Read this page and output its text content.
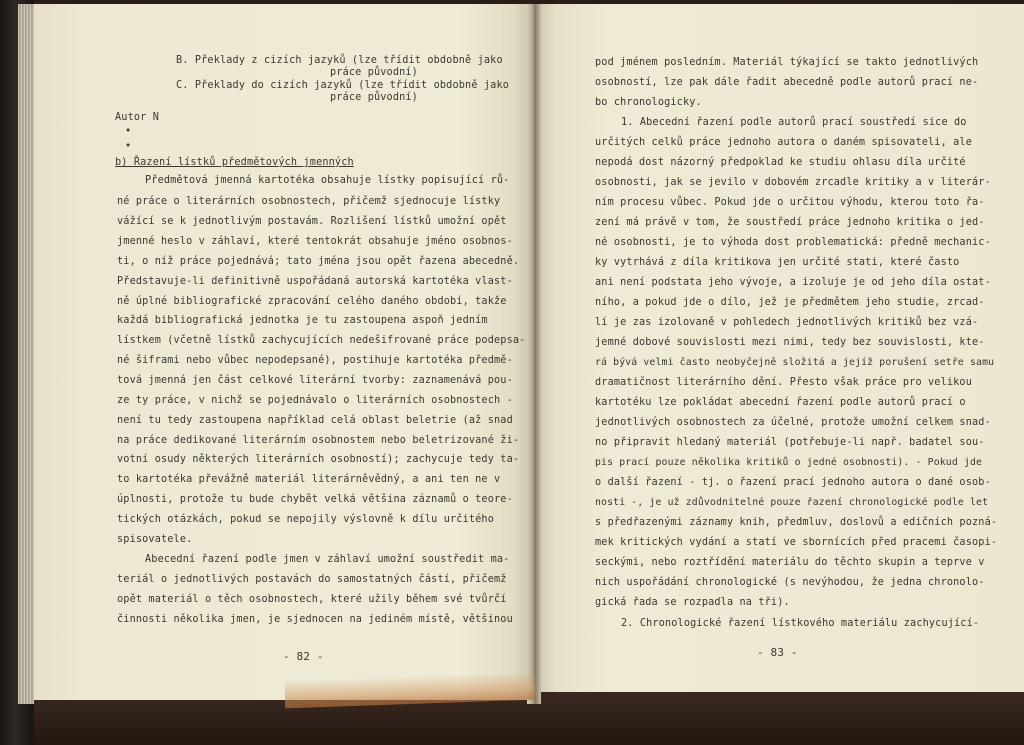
B. Překlady z cizích jazyků (lze třídit obdobně jako
práce původní)
C. Překlady do cizích jazyků (lze třídit obdobně jako
práce původní)
Autor N
•
•
b) Řazení lístků předmětových jmenných
Předmětová jmenná kartotéka obsahuje lístky popisující rů-
né práce o literárních osobnostech, přičemž sjednocuje lístky
vážící se k jednotlivým postavám. Rozlišení lístků umožní opět
jmenné heslo v záhlaví, které tentokrát obsahuje jméno osobnos-
ti, o níž práce pojednává; tato jména jsou opět řazena abecedně.
Představuje-li definitivně uspořádaná autorská kartotéka vlast-
ně úplné bibliografické zpracování celého daného období, takže
každá bibliografická jednotka je tu zastoupena aspoň jedním
lístkem (včetně lístků zachycujících nedešifrované práce podepsa-
né šiframi nebo vůbec nepodepsané), postihuje kartotéka předmě-
tová jmenná jen část celkové literární tvorby: zaznamenává pou-
ze ty práce, v nichž se pojednávalo o literárních osobnostech -
není tu tedy zastoupena například celá oblast beletrie (až snad
na práce dedikované literárním osobnostem nebo beletrizované ži-
votní osudy některých literárních osobností); zachycuje tedy ta-
to kartotéka převážně materiál literárněvědný, a ani ten ne v
úplnosti, protože tu bude chybět velká většina záznamů o teore-
tických otázkách, pokud se nepojily výslovně k dílu určitého
spisovatele.
Abecední řazení podle jmen v záhlaví umožní soustředit ma-
teriál o jednotlivých postavách do samostatných částí, přičemž
opět materiál o těch osobnostech, které užily během své tvůrčí
činnosti několika jmen, je sjednocen na jediném místě, většinou
- 82 -
pod jménem posledním. Materiál týkající se takto jednotlivých
osobností, lze pak dále řadit abecedně podle autorů prací ne-
bo chronologicky.
1. Abecední řazení podle autorů prací soustředí sice do
určitých celků práce jednoho autora o daném spisovateli, ale
nepodá dost názorný předpoklad ke studiu ohlasu díla určité
osobnosti, jak se jevilo v dobovém zrcadle kritiky a v literár-
ním procesu vůbec. Pokud jde o určitou výhodu, kterou toto řa-
zení má právě v tom, že soustředí práce jednoho kritika o jed-
né osobnosti, je to výhoda dost problematická: předně mechanic-
ky vytrhává z díla kritikova jen určité stati, které často
ani není podstata jeho vývoje, a izoluje je od jeho díla ostat-
ního, a pokud jde o dílo, jež je předmětem jeho studie, zrcad-
lí je zas izolovaně v pohledech jednotlivých kritiků bez vzá-
jemné dobové souvislosti mezi nimi, tedy bez souvislosti, kte-
rá bývá velmi často neobyčejně složitá a jejíž porušení setře samu
dramatičnost literárního dění. Přesto však práce pro velikou
kartotéku lze pokládat abecední řazení podle autorů prací o
jednotlivých osobnostech za účelné, protože umožní celkem snad-
no připravit hledaný materiál (potřebuje-li např. badatel sou-
pis prací pouze několika kritiků o jedné osobnosti). - Pokud jde
o další řazení - tj. o řazení prací jednoho autora o dané osob-
nosti -, je už zdůvodnitelné pouze řazení chronologické podle let
s předřazenými záznamy knih, předmluv, doslovů a edičních pozná-
mek kritických vydání a statí ve sbornících před pracemi časopi-
seckými, nebo roztřídění materiálu do těchto skupin a teprve v
nich uspořádání chronologické (s nevýhodou, že jedna chronolo-
gická řada se rozpadla na tři).
2. Chronologické řazení lístkového materiálu zachycující-
- 83 -
